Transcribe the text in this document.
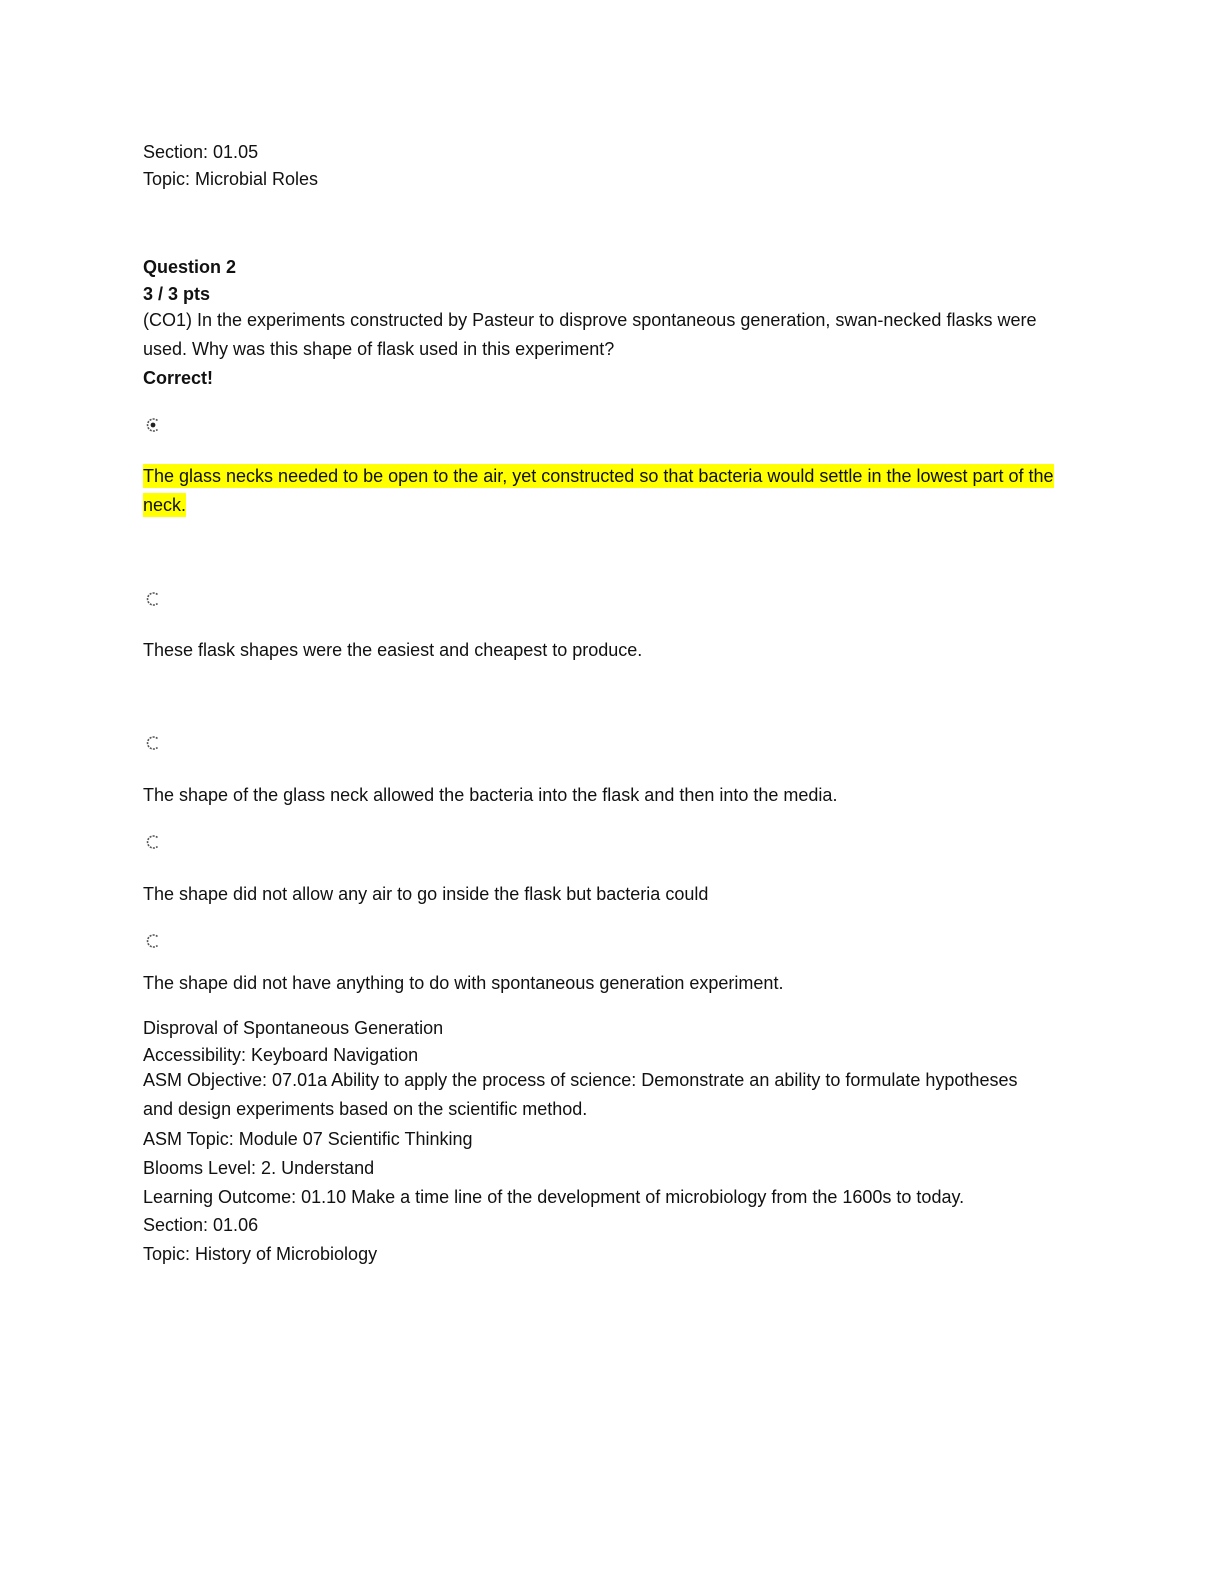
Section: 01.05
Topic: Microbial Roles
Question 2
3 / 3 pts
(CO1) In the experiments constructed by Pasteur to disprove spontaneous generation, swan-necked flasks were used. Why was this shape of flask used in this experiment?
Correct!
The glass necks needed to be open to the air, yet constructed so that bacteria would settle in the lowest part of the neck.
These flask shapes were the easiest and cheapest to produce.
The shape of the glass neck allowed the bacteria into the flask and then into the media.
The shape did not allow any air to go inside the flask but bacteria could
The shape did not have anything to do with spontaneous generation experiment.
Disproval of Spontaneous Generation
Accessibility: Keyboard Navigation
ASM Objective: 07.01a Ability to apply the process of science: Demonstrate an ability to formulate hypotheses and design experiments based on the scientific method.
ASM Topic: Module 07 Scientific Thinking
Blooms Level: 2. Understand
Learning Outcome: 01.10 Make a time line of the development of microbiology from the 1600s to today.
Section: 01.06
Topic: History of Microbiology
